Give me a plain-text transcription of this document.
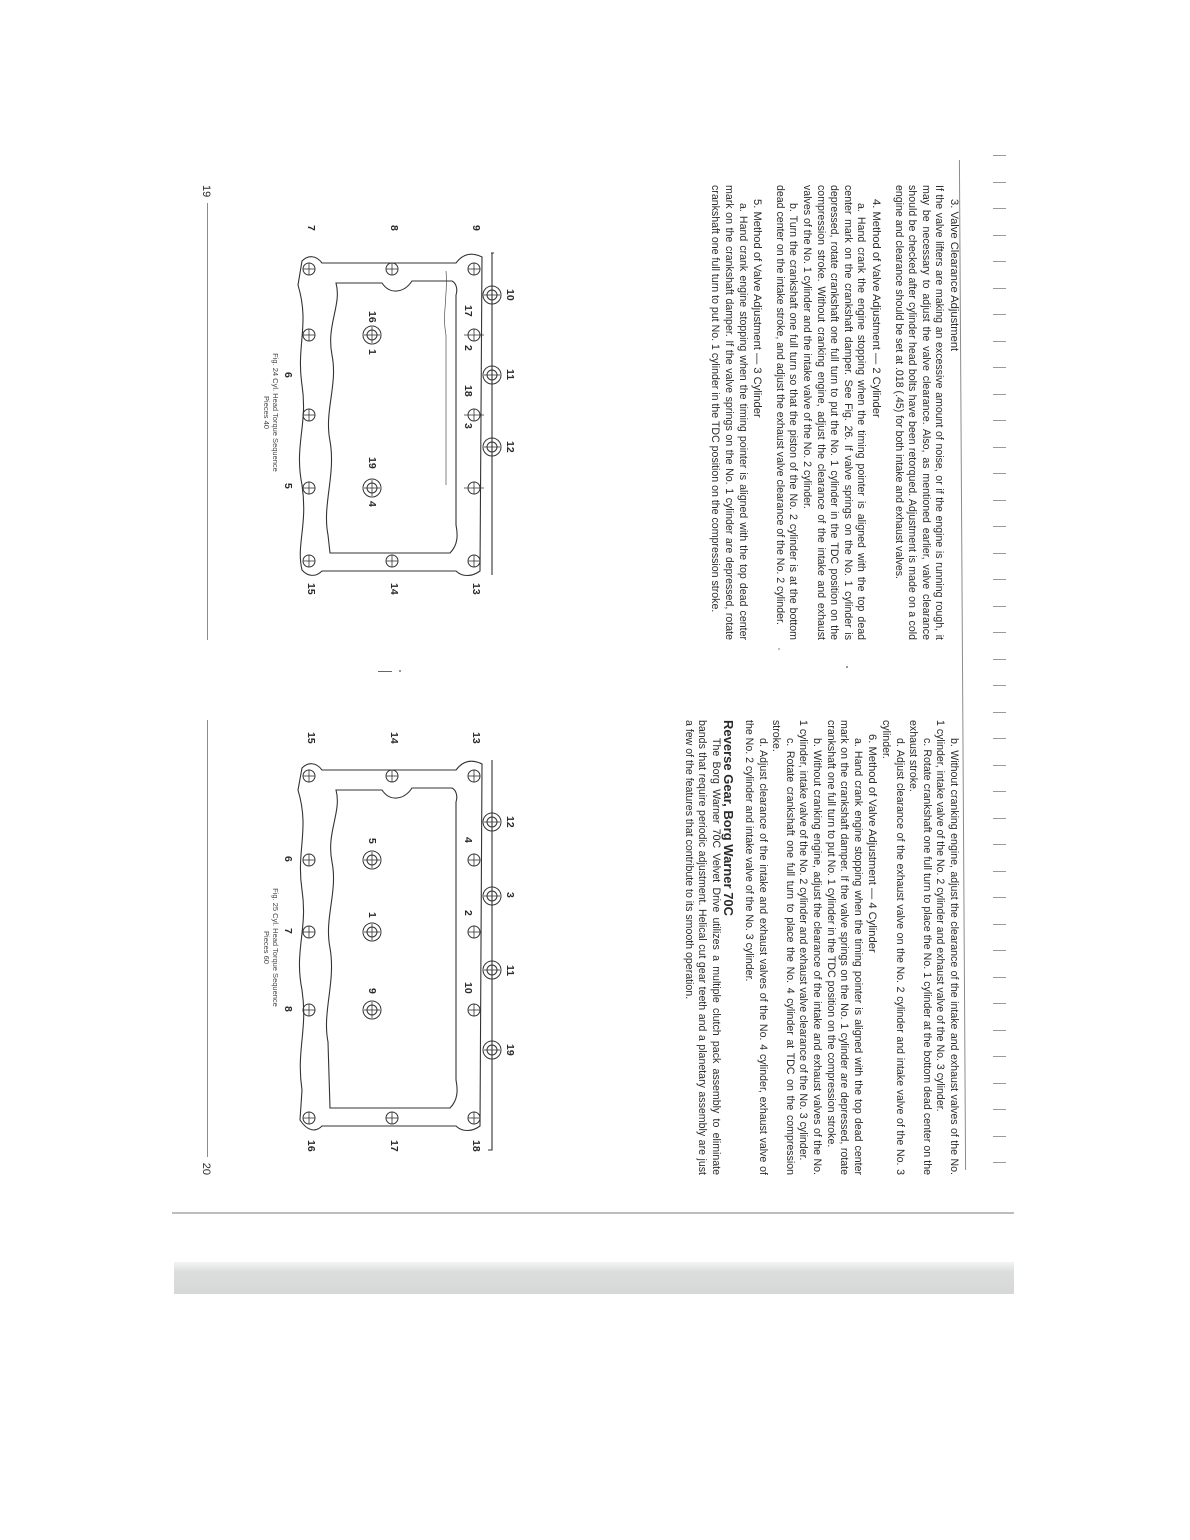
3. Valve Clearance Adjustment

If the valve lifters are making an excessive amount of noise, or if the engine is running rough, it may be necessary to adjust the valve clearance. Also, as mentioned earlier, valve clearance should be checked after cylinder head bolts have been retorqued. Adjustment is made on a cold engine and clearance should be set at .018 (.45) for both intake and exhaust valves.

4. Method of Valve Adjustment — 2 Cylinder

a. Hand crank the engine stopping when the timing pointer is aligned with the top dead center mark on the crankshaft damper. See Fig. 26. If valve springs on the No. 1 cylinder is depressed, rotate crankshaft one full turn to put the No. 1 cylinder in the TDC position on the compression stroke. Without cranking engine, adjust the clearance of the intake and exhaust valves of the No. 1 cylinder and the intake valve of the No. 2 cylinder.

b. Turn the crankshaft one full turn so that the piston of the No. 2 cylinder is at the bottom dead center on the intake stroke, and adjust the exhaust valve clearance of the No. 2 cylinder.

5. Method of Valve Adjustment — 3 Cylinder

a. Hand crank engine stopping when the timing pointer is aligned with the top dead center mark on the crankshaft damper. If the valve springs on the No. 1 cylinder are depressed, rotate crankshaft one full turn to put No. 1 cylinder in the TDC position on the compression stroke.

10
11
12
17
2
18
3
16
1
19
4
9
8
7
13
14
15
6
5
Fig. 24 Cyl. Head Torque Sequence
Pieces 40
19

b. Without cranking engine, adjust the clearance of the intake and exhaust valves of the No. 1 cylinder, intake valve of the No. 2 cylinder and exhaust valve of the No. 3 cylinder.

c. Rotate crankshaft one full turn to place the No. 1 cylinder at the bottom dead center on the exhaust stroke.

d. Adjust clearance of the exhaust valve on the No. 2 cylinder and intake valve of the No. 3 cylinder.

6. Method of Valve Adjustment — 4 Cylinder

a. Hand crank engine stopping when the timing pointer is aligned with the top dead center mark on the crankshaft damper. If the valve springs on the No. 1 cylinder are depressed, rotate crankshaft one full turn to put No. 1 cylinder in the TDC position on the compression stroke.

b. Without cranking engine, adjust the clearance of the intake and exhaust valves of the No. 1 cylinder, intake valve of the No. 2 cylinder and exhaust valve clearance of the No. 3 cylinder.

c. Rotate crankshaft one full turn to place the No. 4 cylinder at TDC on the compression stroke.

d. Adjust clearance of the intake and exhaust valves of the No. 4 cylinder, exhaust valve of the No. 2 cylinder and intake valve of the No. 3 cylinder.

Reverse Gear, Borg Warner 70C

The Borg Warner 70C Velvet Drive utilizes a multiple clutch pack assembly to eliminate bands that require periodic adjustment. Helical cut gear teeth and a planetary assembly are just a few of the features that contribute to its smooth operation.

12
3
11
19
4
2
10
5
1
9
13
14
15
18
17
16
6
7
8
Fig. 25 Cyl. Head Torque Sequence
Pieces 60
20
